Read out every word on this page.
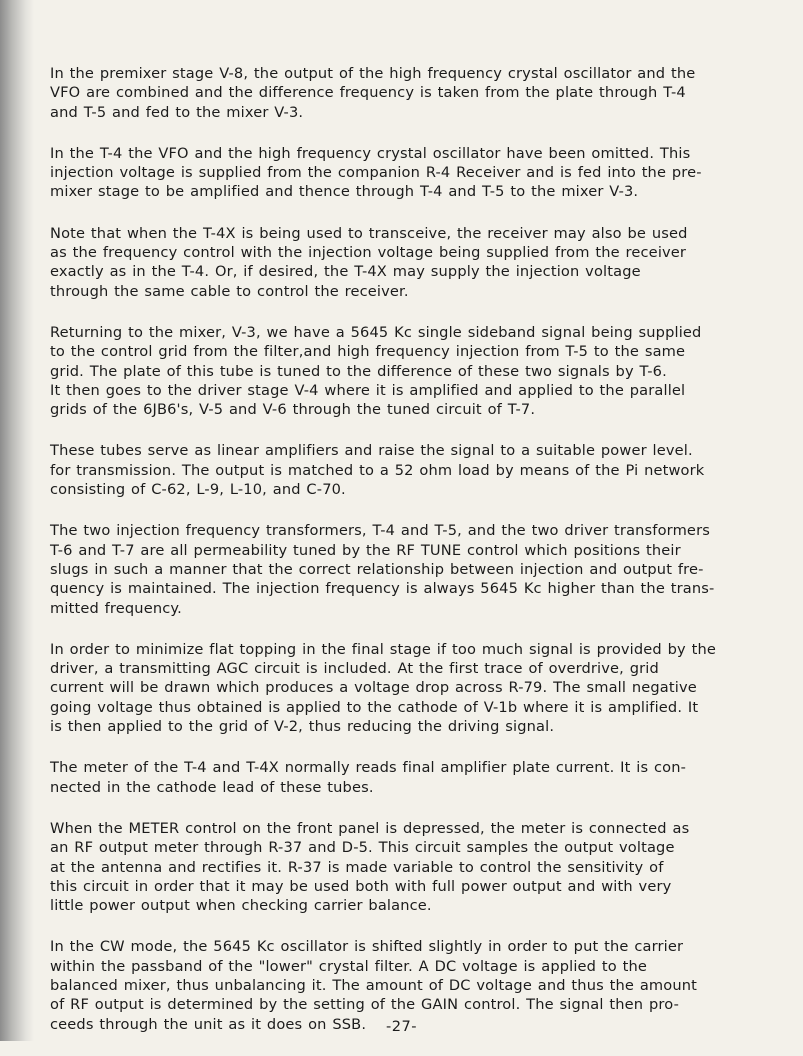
In the premixer stage V-8, the output of the high frequency crystal oscillator and the
VFO are combined and the difference frequency is taken from the plate through T-4
and T-5 and fed to the mixer V-3.

In the T-4 the VFO and the high frequency crystal oscillator have been omitted. This
injection voltage is supplied from the companion R-4 Receiver and is fed into the pre-
mixer stage to be amplified and thence through T-4 and T-5 to the mixer V-3.

Note that when the T-4X is being used to transceive, the receiver may also be used
as the frequency control with the injection voltage being supplied from the receiver
exactly as in the T-4. Or, if desired, the T-4X may supply the injection voltage
through the same cable to control the receiver.

Returning to the mixer, V-3, we have a 5645 Kc single sideband signal being supplied
to the control grid from the filter,and high frequency injection from T-5 to the same
grid. The plate of this tube is tuned to the difference of these two signals by T-6.
It then goes to the driver stage V-4 where it is amplified and applied to the parallel
grids of the 6JB6's, V-5 and V-6 through the tuned circuit of T-7.

These tubes serve as linear amplifiers and raise the signal to a suitable power level.
for transmission. The output is matched to a 52 ohm load by means of the Pi network
consisting of C-62, L-9, L-10, and C-70.

The two injection frequency transformers, T-4 and T-5, and the two driver transformers
T-6 and T-7 are all permeability tuned by the RF TUNE control which positions their
slugs in such a manner that the correct relationship between injection and output fre-
quency is maintained. The injection frequency is always 5645 Kc higher than the trans-
mitted frequency.

In order to minimize flat topping in the final stage if too much signal is provided by the
driver, a transmitting AGC circuit is included. At the first trace of overdrive, grid
current will be drawn which produces a voltage drop across R-79. The small negative
going voltage thus obtained is applied to the cathode of V-1b where it is amplified. It
is then applied to the grid of V-2, thus reducing the driving signal.

The meter of the T-4 and T-4X normally reads final amplifier plate current. It is con-
nected in the cathode lead of these tubes.

When the METER control on the front panel is depressed, the meter is connected as
an RF output meter through R-37 and D-5. This circuit samples the output voltage
at the antenna and rectifies it. R-37 is made variable to control the sensitivity of
this circuit in order that it may be used both with full power output and with very
little power output when checking carrier balance.

In the CW mode, the 5645 Kc oscillator is shifted slightly in order to put the carrier
within the passband of the "lower" crystal filter. A DC voltage is applied to the
balanced mixer, thus unbalancing it. The amount of DC voltage and thus the amount
of RF output is determined by the setting of the GAIN control. The signal then pro-
ceeds through the unit as it does on SSB.	-27-
